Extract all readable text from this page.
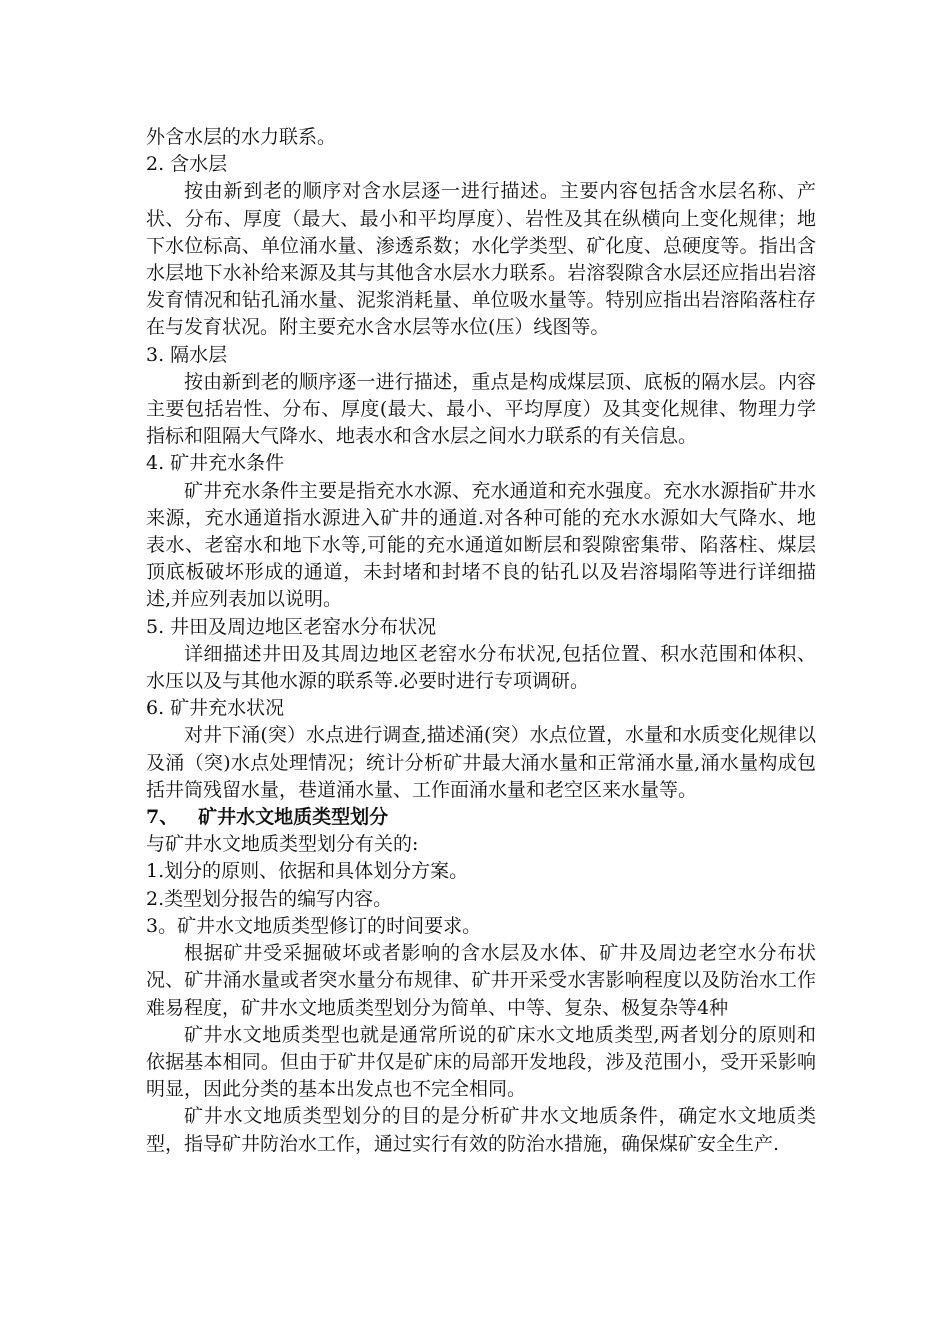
外含水层的水力联系。

2. 含水层

按由新到老的顺序对含水层逐一进行描述。主要内容包括含水层名称、产状、分布、厚度（最大、最小和平均厚度）、岩性及其在纵横向上变化规律；地下水位标高、单位涌水量、渗透系数；水化学类型、矿化度、总硬度等。指出含水层地下水补给来源及其与其他含水层水力联系。岩溶裂隙含水层还应指出岩溶发育情况和钻孔涌水量、泥浆消耗量、单位吸水量等。特别应指出岩溶陷落柱存在与发育状况。附主要充水含水层等水位(压）线图等。

3. 隔水层

按由新到老的顺序逐一进行描述，重点是构成煤层顶、底板的隔水层。内容主要包括岩性、分布、厚度(最大、最小、平均厚度）及其变化规律、物理力学指标和阻隔大气降水、地表水和含水层之间水力联系的有关信息。

4. 矿井充水条件

矿井充水条件主要是指充水水源、充水通道和充水强度。充水水源指矿井水来源，充水通道指水源进入矿井的通道.对各种可能的充水水源如大气降水、地表水、老窑水和地下水等,可能的充水通道如断层和裂隙密集带、陷落柱、煤层顶底板破坏形成的通道，未封堵和封堵不良的钻孔以及岩溶塌陷等进行详细描述,并应列表加以说明。

5. 井田及周边地区老窑水分布状况

详细描述井田及其周边地区老窑水分布状况,包括位置、积水范围和体积、水压以及与其他水源的联系等.必要时进行专项调研。

6. 矿井充水状况

对井下涌(突）水点进行调查,描述涌(突）水点位置，水量和水质变化规律以及涌（突)水点处理情况；统计分析矿井最大涌水量和正常涌水量,涌水量构成包括井筒残留水量，巷道涌水量、工作面涌水量和老空区来水量等。

7、   矿井水文地质类型划分

与矿井水文地质类型划分有关的:

1.划分的原则、依据和具体划分方案。

2.类型划分报告的编写内容。

3。矿井水文地质类型修订的时间要求。

根据矿井受采掘破坏或者影响的含水层及水体、矿井及周边老空水分布状况、矿井涌水量或者突水量分布规律、矿井开采受水害影响程度以及防治水工作难易程度，矿井水文地质类型划分为简单、中等、复杂、极复杂等4种

矿井水文地质类型也就是通常所说的矿床水文地质类型,两者划分的原则和依据基本相同。但由于矿井仅是矿床的局部开发地段，涉及范围小，受开采影响明显，因此分类的基本出发点也不完全相同。

矿井水文地质类型划分的目的是分析矿井水文地质条件，确定水文地质类型，指导矿井防治水工作，通过实行有效的防治水措施，确保煤矿安全生产.
